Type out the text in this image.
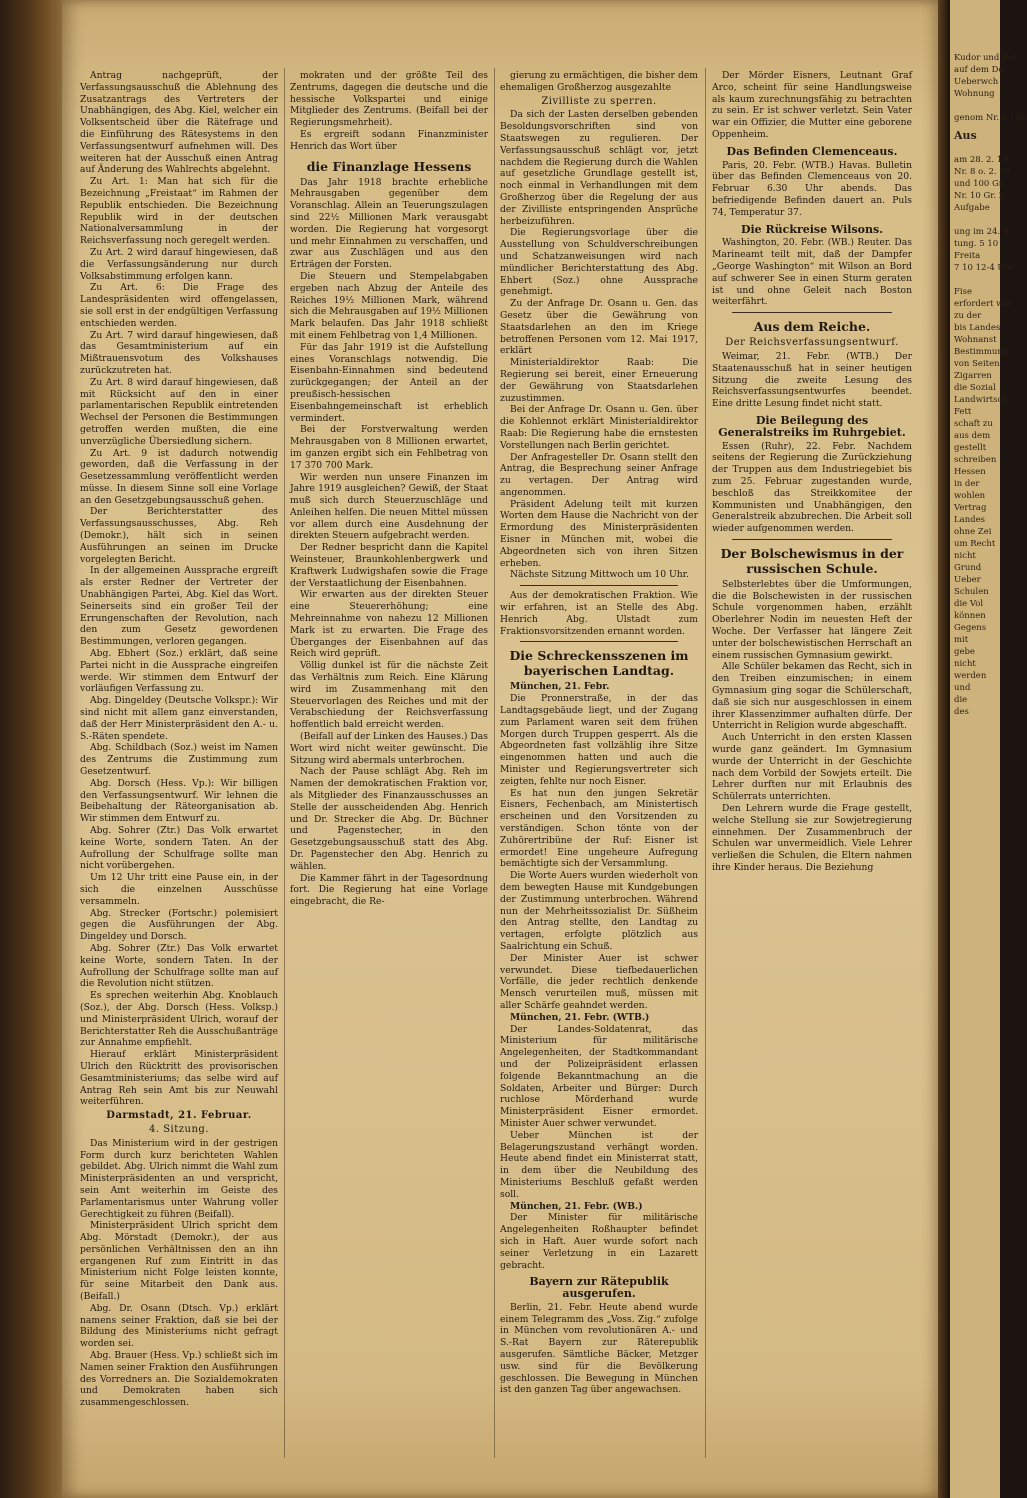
Antrag nachgeprüft, der Verfassungsausschuß die Ablehnung des Zusatzantrags des Vertreters der Unabhängigen, des Abg. Kiel, welcher ein Volksentscheid über die Rätefrage und die Einführung des Rätesystems in den Verfassungsentwurf aufnehmen will. Des weiteren hat der Ausschuß einen Antrag auf Änderung des Wahlrechts abgelehnt.

Zu Art. 1: Man hat sich für die Bezeichnung „Freistaat“ im Rahmen der Republik entschieden. Die Bezeichnung Republik wird in der deutschen Nationalversammlung in der Reichsverfassung noch geregelt werden.

Zu Art. 2 wird darauf hingewiesen, daß die Verfassungsänderung nur durch Volksabstimmung erfolgen kann.

Zu Art. 6: Die Frage des Landespräsidenten wird offengelassen, sie soll erst in der endgültigen Verfassung entschieden werden.

Zu Art. 7 wird darauf hingewiesen, daß das Gesamtministerium auf ein Mißtrauensvotum des Volkshauses zurückzutreten hat.

Zu Art. 8 wird darauf hingewiesen, daß mit Rücksicht auf den in einer parlamentarischen Republik eintretenden Wechsel der Personen die Bestimmungen getroffen werden mußten, die eine unverzügliche Übersiedlung sichern.

Zu Art. 9 ist dadurch notwendig geworden, daß die Verfassung in der Gesetzessammlung veröffentlicht werden müsse. In diesem Sinne soll eine Vorlage an den Gesetzgebungsausschuß gehen.

Der Berichterstatter des Verfassungsausschusses, Abg. Reh (Demokr.), hält sich in seinen Ausführungen an seinen im Drucke vorgelegten Bericht.

In der allgemeinen Aussprache ergreift als erster Redner der Vertreter der Unabhängigen Partei, Abg. Kiel das Wort. Seinerseits sind ein großer Teil der Errungenschaften der Revolution, nach den zum Gesetz gewordenen Bestimmungen, verloren gegangen.

Abg. Ebhert (Soz.) erklärt, daß seine Partei nicht in die Aussprache eingreifen werde. Wir stimmen dem Entwurf der vorläufigen Verfassung zu.

Abg. Dingeldey (Deutsche Volkspr.): Wir sind nicht mit allem ganz einverstanden, daß der Herr Ministerpräsident den A.- u. S.-Räten spendete.

Abg. Schildbach (Soz.) weist im Namen des Zentrums die Zustimmung zum Gesetzentwurf.

Abg. Dorsch (Hess. Vp.): Wir billigen den Verfassungsentwurf. Wir lehnen die Beibehaltung der Räteorganisation ab. Wir stimmen dem Entwurf zu.

Abg. Sohrer (Ztr.) Das Volk erwartet keine Worte, sondern Taten. An der Aufrollung der Schulfrage sollte man nicht vorübergehen.

Um 12 Uhr tritt eine Pause ein, in der sich die einzelnen Ausschüsse versammeln.

Abg. Strecker (Fortschr.) polemisiert gegen die Ausführungen der Abg. Dingeldey und Dorsch.

Abg. Sohrer (Ztr.) Das Volk erwartet keine Worte, sondern Taten. In der Aufrollung der Schulfrage sollte man auf die Revolution nicht stützen.

Es sprechen weiterhin Abg. Knoblauch (Soz.), der Abg. Dorsch (Hess. Volksp.) und Ministerpräsident Ulrich, worauf der Berichterstatter Reh die Ausschußanträge zur Annahme empfiehlt.

Hierauf erklärt Ministerpräsident Ulrich den Rücktritt des provisorischen Gesamtministeriums; das selbe wird auf Antrag Reh sein Amt bis zur Neuwahl weiterführen.

Darmstadt, 21. Februar.
4. Sitzung.

Das Ministerium wird in der gestrigen Form durch kurz berichteten Wahlen gebildet. Abg. Ulrich nimmt die Wahl zum Ministerpräsidenten an und verspricht, sein Amt weiterhin im Geiste des Parlamentarismus unter Wahrung voller Gerechtigkeit zu führen (Beifall).

Ministerpräsident Ulrich spricht dem Abg. Mörstadt (Demokr.), der aus persönlichen Verhältnissen den an ihn ergangenen Ruf zum Eintritt in das Ministerium nicht Folge leisten konnte, für seine Mitarbeit den Dank aus. (Beifall.)

Abg. Dr. Osann (Dtsch. Vp.) erklärt namens seiner Fraktion, daß sie bei der Bildung des Ministeriums nicht gefragt worden sei.

Abg. Brauer (Hess. Vp.) schließt sich im Namen seiner Fraktion den Ausführungen des Vorredners an. Die Sozialdemokraten und Demokraten haben sich zusammengeschlossen.

mokraten und der größte Teil des Zentrums, dagegen die deutsche und die hessische Volkspartei und einige Mitglieder des Zentrums. (Beifall bei der Regierungsmehrheit).

Es ergreift sodann Finanzminister Henrich das Wort über

die Finanzlage Hessens

Das Jahr 1918 brachte erhebliche Mehrausgaben gegenüber dem Voranschlag. Allein an Teuerungszulagen sind 22½ Millionen Mark verausgabt worden. Die Regierung hat vorgesorgt und mehr Einnahmen zu verschaffen, und zwar aus Zuschlägen und aus den Erträgen der Forsten.

Die Steuern und Stempelabgaben ergeben nach Abzug der Anteile des Reiches 19½ Millionen Mark, während sich die Mehrausgaben auf 19½ Millionen Mark belaufen. Das Jahr 1918 schließt mit einem Fehlbetrag von 1,4 Millionen.

Für das Jahr 1919 ist die Aufstellung eines Voranschlags notwendig. Die Eisenbahn-Einnahmen sind bedeutend zurückgegangen; der Anteil an der preußisch-hessischen Eisenbahngemeinschaft ist erheblich vermindert.

Bei der Forstverwaltung werden Mehrausgaben von 8 Millionen erwartet, im ganzen ergibt sich ein Fehlbetrag von 17 370 700 Mark.

Wir werden nun unsere Finanzen im Jahre 1919 ausgleichen? Gewiß, der Staat muß sich durch Steuerzuschläge und Anleihen helfen. Die neuen Mittel müssen vor allem durch eine Ausdehnung der direkten Steuern aufgebracht werden.

Der Redner bespricht dann die Kapitel Weinsteuer, Braunkohlenbergwerk und Kraftwerk Ludwigshafen sowie die Frage der Verstaatlichung der Eisenbahnen.

Wir erwarten aus der direkten Steuer eine Steuererhöhung; eine Mehreinnahme von nahezu 12 Millionen Mark ist zu erwarten. Die Frage des Überganges der Eisenbahnen auf das Reich wird geprüft.

Völlig dunkel ist für die nächste Zeit das Verhältnis zum Reich. Eine Klärung wird im Zusammenhang mit den Steuervorlagen des Reiches und mit der Verabschiedung der Reichsverfassung hoffentlich bald erreicht werden.

(Beifall auf der Linken des Hauses.) Das Wort wird nicht weiter gewünscht. Die Sitzung wird abermals unterbrochen.

Nach der Pause schlägt Abg. Reh im Namen der demokratischen Fraktion vor, als Mitglieder des Finanzausschusses an Stelle der ausscheidenden Abg. Henrich und Dr. Strecker die Abg. Dr. Büchner und Pagenstecher, in den Gesetzgebungsausschuß statt des Abg. Dr. Pagenstecher den Abg. Henrich zu wählen.

Die Kammer fährt in der Tagesordnung fort. Die Regierung hat eine Vorlage eingebracht, die Re-

gierung zu ermächtigen, die bisher dem ehemaligen Großherzog ausgezahlte

Zivilliste zu sperren.

Da sich der Lasten derselben gebenden Besoldungsvorschriften sind von Staatswegen zu regulieren. Der Verfassungsausschuß schlägt vor, jetzt nachdem die Regierung durch die Wahlen auf gesetzliche Grundlage gestellt ist, noch einmal in Verhandlungen mit dem Großherzog über die Regelung der aus der Zivilliste entspringenden Ansprüche herbeizuführen.

Die Regierungsvorlage über die Ausstellung von Schuldverschreibungen und Schatzanweisungen wird nach mündlicher Berichterstattung des Abg. Ehbert (Soz.) ohne Aussprache genehmigt.

Zu der Anfrage Dr. Osann u. Gen. das Gesetz über die Gewährung von Staatsdarlehen an den im Kriege betroffenen Personen vom 12. Mai 1917, erklärt

Ministerialdirektor Raab: Die Regierung sei bereit, einer Erneuerung der Gewährung von Staatsdarlehen zuzustimmen.

Bei der Anfrage Dr. Osann u. Gen. über die Kohlennot erklärt Ministerialdirektor Raab: Die Regierung habe die ernstesten Vorstellungen nach Berlin gerichtet.

Der Anfragesteller Dr. Osann stellt den Antrag, die Besprechung seiner Anfrage zu vertagen. Der Antrag wird angenommen.

Präsident Adelung teilt mit kurzen Worten dem Hause die Nachricht von der Ermordung des Ministerpräsidenten Eisner in München mit, wobei die Abgeordneten sich von ihren Sitzen erheben.

Nächste Sitzung Mittwoch um 10 Uhr.

Aus der demokratischen Fraktion. Wie wir erfahren, ist an Stelle des Abg. Henrich Abg. Ulstadt zum Fraktionsvorsitzenden ernannt worden.

Die Schreckensszenen im bayerischen Landtag.

München, 21. Febr.

Die Pronnerstraße, in der das Landtagsgebäude liegt, und der Zugang zum Parlament waren seit dem frühen Morgen durch Truppen gesperrt. Als die Abgeordneten fast vollzählig ihre Sitze eingenommen hatten und auch die Minister und Regierungsvertreter sich zeigten, fehlte nur noch Eisner.

Es hat nun den jungen Sekretär Eisners, Fechenbach, am Ministertisch erscheinen und den Vorsitzenden zu verständigen. Schon tönte von der Zuhörertribüne der Ruf: Eisner ist ermordet! Eine ungeheure Aufregung bemächtigte sich der Versammlung.

Die Worte Auers wurden wiederholt von dem bewegten Hause mit Kundgebungen der Zustimmung unterbrochen. Während nun der Mehrheitssozialist Dr. Süßheim den Antrag stellte, den Landtag zu vertagen, erfolgte plötzlich aus Saalrichtung ein Schuß.

Der Minister Auer ist schwer verwundet. Diese tiefbedauerlichen Vorfälle, die jeder rechtlich denkende Mensch verurteilen muß, müssen mit aller Schärfe geahndet werden.

München, 21. Febr. (WTB.)

Der Landes-Soldatenrat, das Ministerium für militärische Angelegenheiten, der Stadtkommandant und der Polizeipräsident erlassen folgende Bekanntmachung an die Soldaten, Arbeiter und Bürger: Durch ruchlose Mörderhand wurde Ministerpräsident Eisner ermordet. Minister Auer schwer verwundet.

Ueber München ist der Belagerungszustand verhängt worden. Heute abend findet ein Ministerrat statt, in dem über die Neubildung des Ministeriums Beschluß gefaßt werden soll.

München, 21. Febr. (WB.)

Der Minister für militärische Angelegenheiten Roßhaupter befindet sich in Haft. Auer wurde sofort nach seiner Verletzung in ein Lazarett gebracht.

Bayern zur Rätepublik ausgerufen.

Berlin, 21. Febr. Heute abend wurde einem Telegramm des „Voss. Zig.“ zufolge in München vom revolutionären A.- und S.-Rat Bayern zur Räterepublik ausgerufen. Sämtliche Bäcker, Metzger usw. sind für die Bevölkerung geschlossen. Die Bewegung in München ist den ganzen Tag über angewachsen.

Der Mörder Eisners, Leutnant Graf Arco, scheint für seine Handlungsweise als kaum zurechnungsfähig zu betrachten zu sein. Er ist schwer verletzt. Sein Vater war ein Offizier, die Mutter eine geborene Oppenheim.

Das Befinden Clemenceaus.

Paris, 20. Febr. (WTB.) Havas. Bulletin über das Befinden Clemenceaus von 20. Februar 6.30 Uhr abends. Das befriedigende Befinden dauert an. Puls 74, Temperatur 37.

Die Rückreise Wilsons.

Washington, 20. Febr. (WB.) Reuter. Das Marineamt teilt mit, daß der Dampfer „George Washington“ mit Wilson an Bord auf schwerer See in einen Sturm geraten ist und ohne Geleit nach Boston weiterfährt.

Aus dem Reiche.
Der Reichsverfassungsentwurf.

Weimar, 21. Febr. (WTB.) Der Staatenausschuß hat in seiner heutigen Sitzung die zweite Lesung des Reichsverfassungsentwurfes beendet. Eine dritte Lesung findet nicht statt.

Die Beilegung des Generalstreiks im Ruhrgebiet.

Essen (Ruhr), 22. Febr. Nachdem seitens der Regierung die Zurückziehung der Truppen aus dem Industriegebiet bis zum 25. Februar zugestanden wurde, beschloß das Streikkomitee der Kommunisten und Unabhängigen, den Generalstreik abzubrechen. Die Arbeit soll wieder aufgenommen werden.

Der Bolschewismus in der russischen Schule.

Selbsterlebtes über die Umformungen, die die Bolschewisten in der russischen Schule vorgenommen haben, erzählt Oberlehrer Nodin im neuesten Heft der Woche. Der Verfasser hat längere Zeit unter der bolschewistischen Herrschaft an einem russischen Gymnasium gewirkt.

Alle Schüler bekamen das Recht, sich in den Treiben einzumischen; in einem Gymnasium ging sogar die Schülerschaft, daß sie sich nur ausgeschlossen in einem ihrer Klassenzimmer aufhalten dürfe. Der Unterricht in Religion wurde abgeschafft.

Auch Unterricht in den ersten Klassen wurde ganz geändert. Im Gymnasium wurde der Unterricht in der Geschichte nach dem Vorbild der Sowjets erteilt. Die Lehrer durften nur mit Erlaubnis des Schülerrats unterrichten.

Den Lehrern wurde die Frage gestellt, welche Stellung sie zur Sowjetregierung einnehmen. Der Zusammenbruch der Schulen war unvermeidlich. Viele Lehrer verließen die Schulen, die Eltern nahmen ihre Kinder heraus. Die Beziehung

Kudor und Ent
auf dem Do
Ueberwch
Wohnung
genom Nr. 6 | Ro
Aus
am 28. 2. 19
Nr. 8 o. 2. 19
und 100 Gr.
Nr. 10 Gr. 2
Aufgabe
ung im 24. 9
tung. 5 10
Freita
7 10 12-4 Uhr
Fise
erfordert wie
zu der
bis Landes
Wohnanst
Bestimmung
von Seiten
Zigarren
die Sozial
Landwirtsch
Fett
schaft zu
aus dem
gestellt
schreiben
Hessen
in der
wohlen
Vertrag
Landes
ohne Zei
um Recht
nicht
Grund
Ueber
Schulen
die Vol
können
Gegens
mit
gebe
nicht
werden
und
die
des
